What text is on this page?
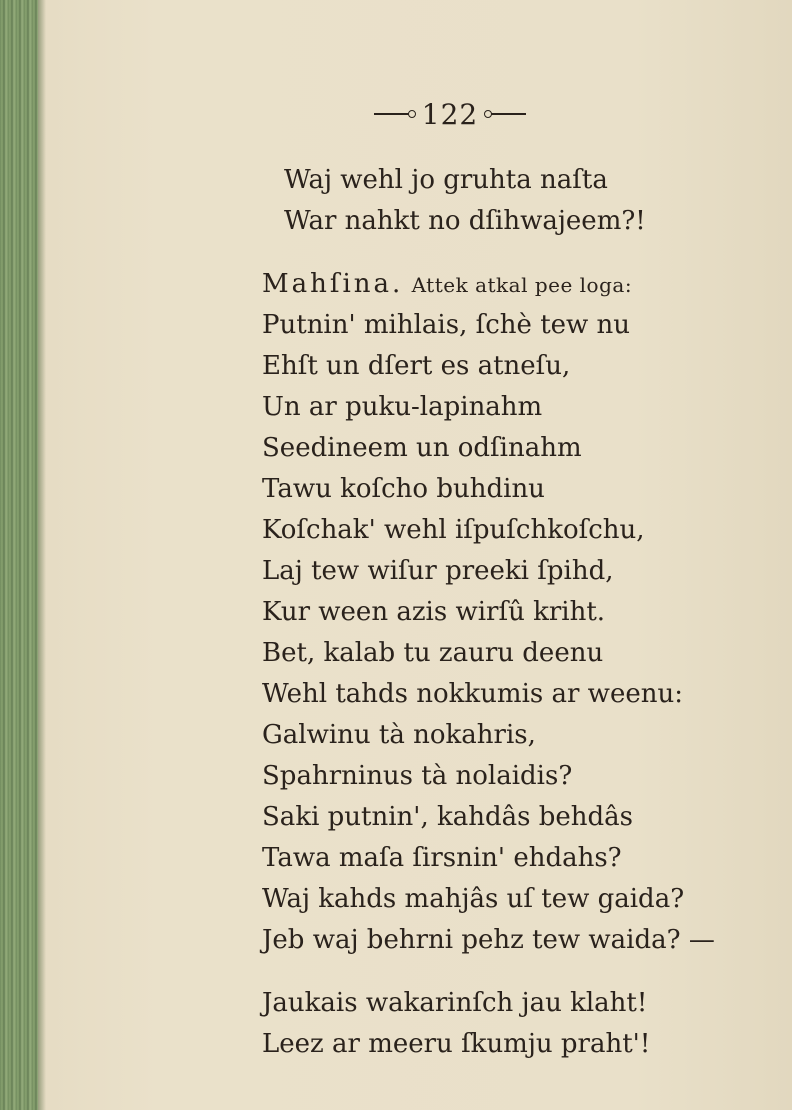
122
Waj wehl jo gruhta naſta
War nahkt no dſihwajeem?!
Mahſina. Attek atkal pee loga:
Putnin' mihlais, ſchè tew nu
Ehſt un dſert es atneſu,
Un ar puku-lapinahm
Seedineem un odſinahm
Tawu koſcho buhdinu
Koſchak' wehl iſpuſchkoſchu,
Laj tew wiſur preeki ſpihd,
Kur ween azis wirſû kriht.
Bet, kalab tu zauru deenu
Wehl tahds nokkumis ar weenu:
Galwinu tà nokahris,
Spahrninus tà nolaidis?
Saki putnin', kahdâs behdâs
Tawa maſa ſirsnin' ehdahs?
Waj kahds mahjâs uſ tew gaida?
Jeb waj behrni pehz tew waida? —
Jaukais wakarinſch jau klaht!
Leez ar meeru ſkumju praht'!
